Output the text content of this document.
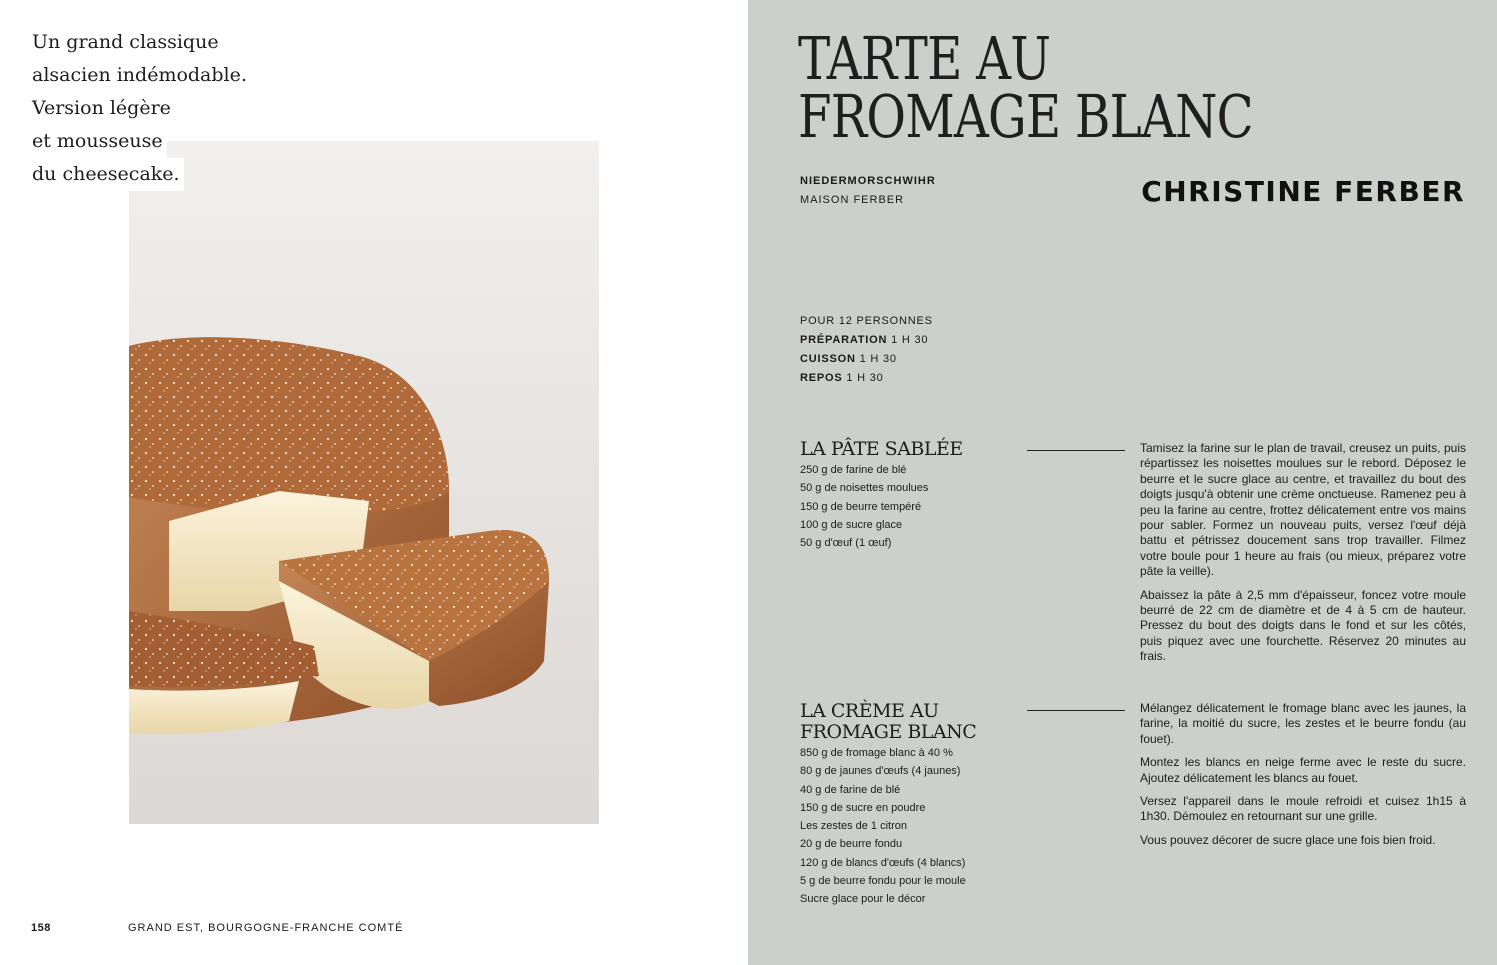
Un grand classique
alsacien indémodable.
Version légère
et mousseuse
du cheesecake.
158	GRAND EST, BOURGOGNE-FRANCHE COMTÉ
TARTE AU
FROMAGE BLANC
NIEDERMORSCHWIHR
MAISON FERBER	CHRISTINE FERBER
POUR 12 PERSONNES
PRÉPARATION 1 H 30
CUISSON 1 H 30
REPOS 1 H 30
LA PÂTE SABLÉE
250 g de farine de blé
50 g de noisettes moulues
150 g de beurre tempéré
100 g de sucre glace
50 g d'œuf (1 œuf)

Tamisez la farine sur le plan de travail, creusez un puits, puis répartissez les noisettes moulues sur le rebord. Déposez le beurre et le sucre glace au centre, et travaillez du bout des doigts jusqu'à obtenir une crème onctueuse. Ramenez peu à peu la farine au centre, frottez délicatement entre vos mains pour sabler. Formez un nouveau puits, versez l'œuf déjà battu et pétrissez doucement sans trop travailler. Filmez votre boule pour 1 heure au frais (ou mieux, préparez votre pâte la veille).

Abaissez la pâte à 2,5 mm d'épaisseur, foncez votre moule beurré de 22 cm de diamètre et de 4 à 5 cm de hauteur. Pressez du bout des doigts dans le fond et sur les côtés, puis piquez avec une fourchette. Réservez 20 minutes au frais.

LA CRÈME AU
FROMAGE BLANC
850 g de fromage blanc à 40 %
80 g de jaunes d'œufs (4 jaunes)
40 g de farine de blé
150 g de sucre en poudre
Les zestes de 1 citron
20 g de beurre fondu
120 g de blancs d'œufs (4 blancs)
5 g de beurre fondu pour le moule
Sucre glace pour le décor

Mélangez délicatement le fromage blanc avec les jaunes, la farine, la moitié du sucre, les zestes et le beurre fondu (au fouet).

Montez les blancs en neige ferme avec le reste du sucre. Ajoutez délicatement les blancs au fouet.

Versez l'appareil dans le moule refroidi et cuisez 1h15 à 1h30. Démoulez en retournant sur une grille.

Vous pouvez décorer de sucre glace une fois bien froid.
